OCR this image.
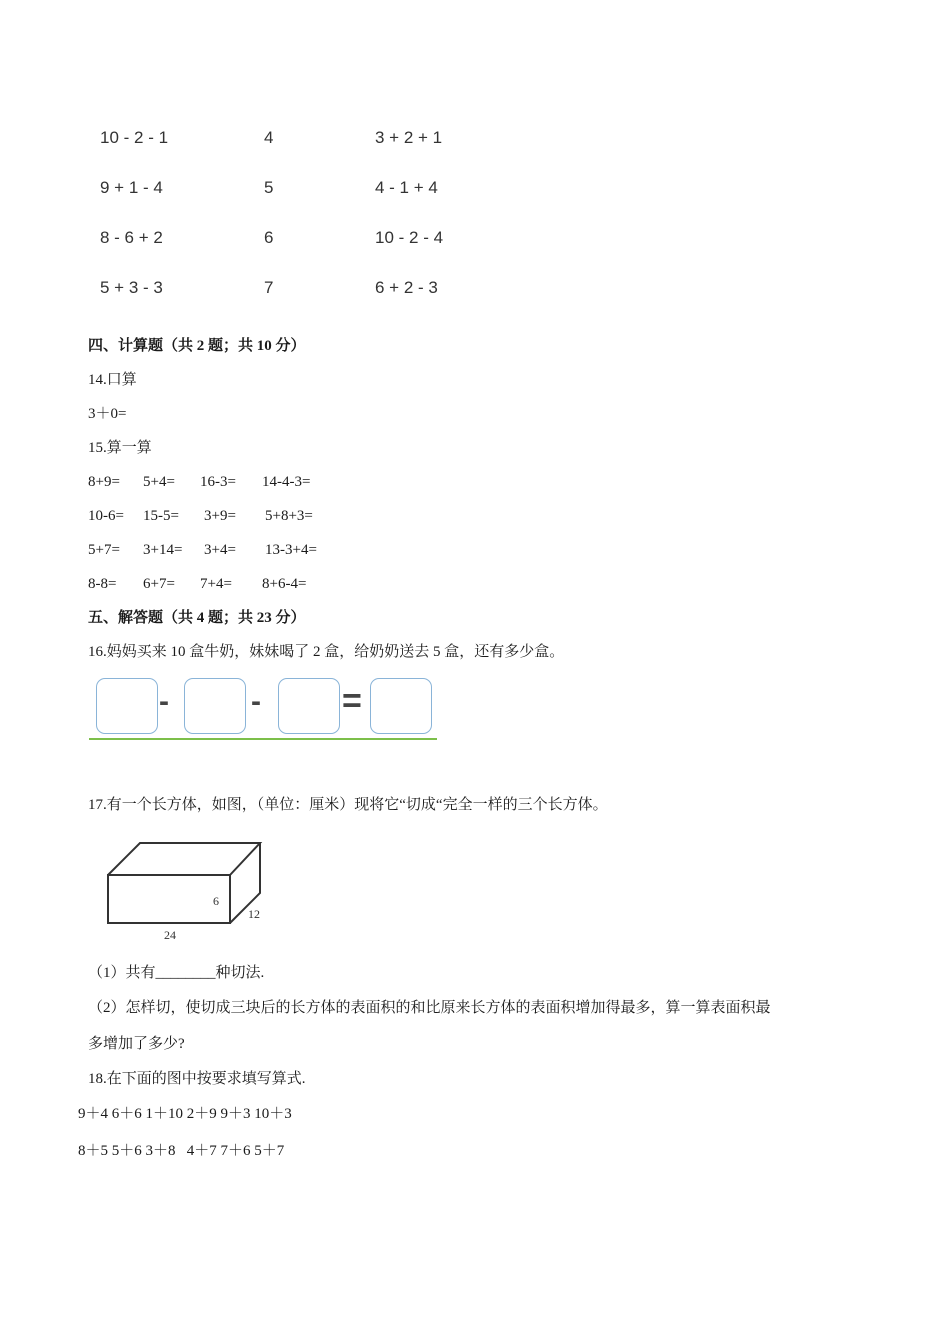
10 - 2 - 1
9 + 1 - 4
8 - 6 + 2
5 + 3 - 3
4
5
6
7
3 + 2 + 1
4 - 1 + 4
10 - 2 - 4
6 + 2 - 3
四、计算题（共 2 题；共 10 分）
14.口算
3＋0=
15.算一算
8+9= 5+4= 16-3= 14-4-3=
10-6= 15-5= 3+9= 5+8+3=
5+7= 3+14= 3+4= 13-3+4=
8-8= 6+7= 7+4= 8+6-4=
五、解答题（共 4 题；共 23 分）
16.妈妈买来 10 盒牛奶，妹妹喝了 2 盒，给奶奶送去 5 盒，还有多少盒。
-	- =
17.有一个长方体，如图，（单位：厘米）现将它“切成“完全一样的三个长方体。
6
12
24
（1）共有________种切法.
（2）怎样切，使切成三块后的长方体的表面积的和比原来长方体的表面积增加得最多，算一算表面积最
多增加了多少?
18.在下面的图中按要求填写算式.
9＋4 6＋6 1＋10 2＋9 9＋3 10＋3
8＋5 5＋6 3＋8   4＋7 7＋6 5＋7
